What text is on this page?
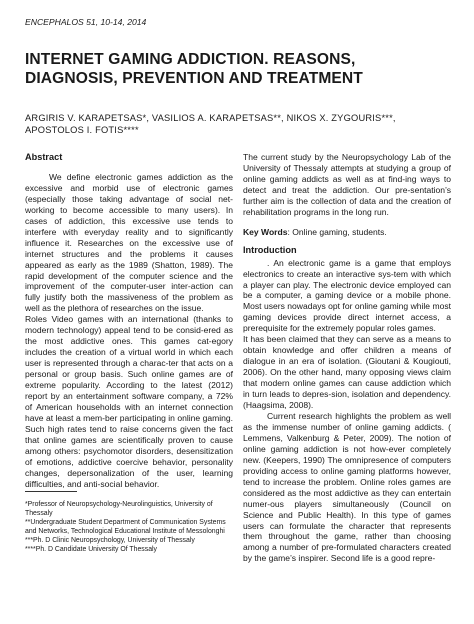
ENCEPHALOS 51, 10-14, 2014
INTERNET GAMING ADDICTION. REASONS, DIAGNOSIS, PREVENTION AND TREATMENT

ARGIRIS V. KARAPETSAS*, VASILIOS A. KARAPETSAS**, NIKOS X. ZYGOURIS***, APOSTOLOS I. FOTIS****

Abstract

We define electronic games addiction as the excessive and morbid use of electronic games (especially those taking advantage of social net-working to become accessible to many users). In cases of addiction, this excessive use tends to interfere with everyday reality and to significantly influence it. Researches on the excessive use of internet structures and the problems it causes appeared as early as the 1989 (Shatton, 1989). The rapid development of the computer science and the improvement of the computer-user inter-action can fully justify both the massiveness of the problem as well as the plethora of researches on the issue.

Roles Video games with an international (thanks to modern technology) appeal tend to be consid-ered as the most addictive ones. This games cat-egory includes the creation of a virtual world in which each user is represented through a charac-ter that acts on a personal or group basis. Such online games are of extreme popularity. According to the latest (2012) report by an entertainment software company, a 72% of American households with an internet connection have at least a mem-ber participating in online gaming. Such high rates tend to raise concerns given the fact that online games are scientifically proven to cause among others: psychomotor disorders, desensitization of emotions, addictive coercive behavior, personality changes, depersonalization of the user, learning difficulties, and anti-social behavior.

The current study by the Neuropsychology Lab of the University of Thessaly attempts at studying a group of online gaming addicts as well as at find-ing ways to detect and treat the addiction. Our pre-sentation’s further aim is the collection of data and the creation of rehabilitation programs in the long run.

Key Words: Online gaming, students.

Introduction

. An electronic game is a game that employs electronics to create an interactive sys-tem with which a player can play. The electronic device employed can be a computer, a gaming device or a mobile phone. Most users nowadays opt for online gaming while most gaming devices provide direct internet access, a prerequisite for the extremely popular roles games.

It has been claimed that they can serve as a means to obtain knowledge and offer children a means of dialogue in an era of isolation. (Gioutani & Kougiouti, 2006). On the other hand, many opposing views claim that modern online games can cause addiction which in turn leads to depres-sion, isolation and dependency.(Haagsima, 2008).

Current research highlights the problem as well as the immense number of online gaming addicts. ( Lemmens, Valkenburg & Peter, 2009). The notion of online gaming addiction is not how-ever completely new. (Keepers, 1990) The omnipresence of computers providing access to online gaming platforms however, tend to increase the problem. Online roles games are considered as the most addictive as they can entertain numer-ous players simultaneously (Council on Science and Public Health). In this type of games users can formulate the character that represents them throughout the game, rather than choosing among a number of pre-formulated characters created by the game’s inspirer. Second life is a good repre-

*Professor of Neuropsychology-Neurolinguistics, University of Thessaly

**Undergraduate Student Department of Communication Systems and Networks, Technological Educational Institute of Messolonghi

***Ph. D Clinic Neuropsychology, University of Thessaly

****Ph. D Candidate University Of Thessaly
